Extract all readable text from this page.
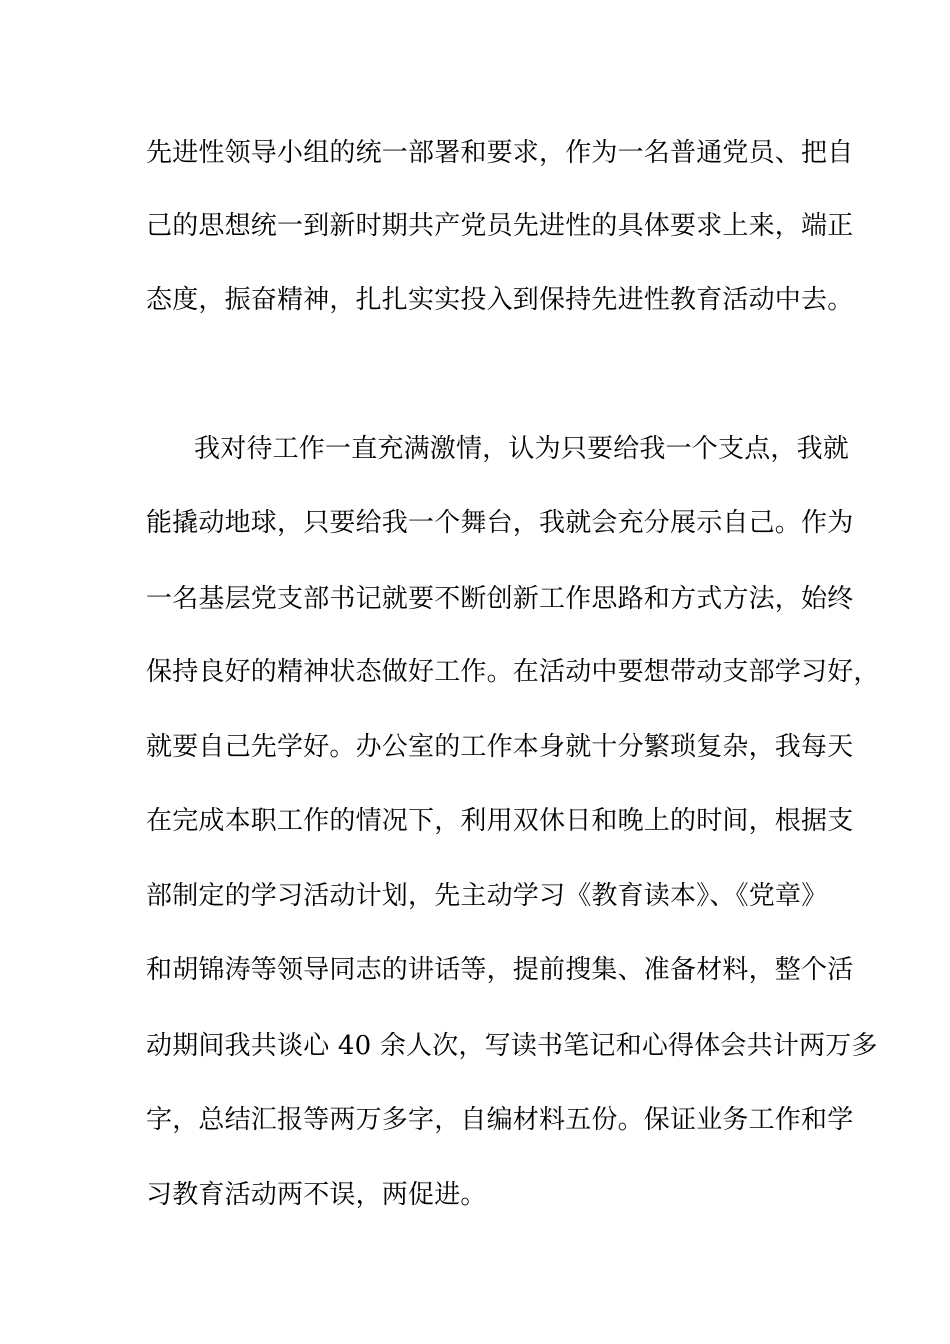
先进性领导小组的统一部署和要求，作为一名普通党员、把自
己的思想统一到新时期共产党员先进性的具体要求上来，端正
态度，振奋精神，扎扎实实投入到保持先进性教育活动中去。
我对待工作一直充满激情，认为只要给我一个支点，我就
能撬动地球，只要给我一个舞台，我就会充分展示自己。作为
一名基层党支部书记就要不断创新工作思路和方式方法，始终
保持良好的精神状态做好工作。在活动中要想带动支部学习好，
就要自己先学好。办公室的工作本身就十分繁琐复杂，我每天
在完成本职工作的情况下，利用双休日和晚上的时间，根据支
部制定的学习活动计划，先主动学习《教育读本》、《党章》
和胡锦涛等领导同志的讲话等，提前搜集、准备材料，整个活
动期间我共谈心 40 余人次，写读书笔记和心得体会共计两万多
字，总结汇报等两万多字，自编材料五份。保证业务工作和学
习教育活动两不误，两促进。
